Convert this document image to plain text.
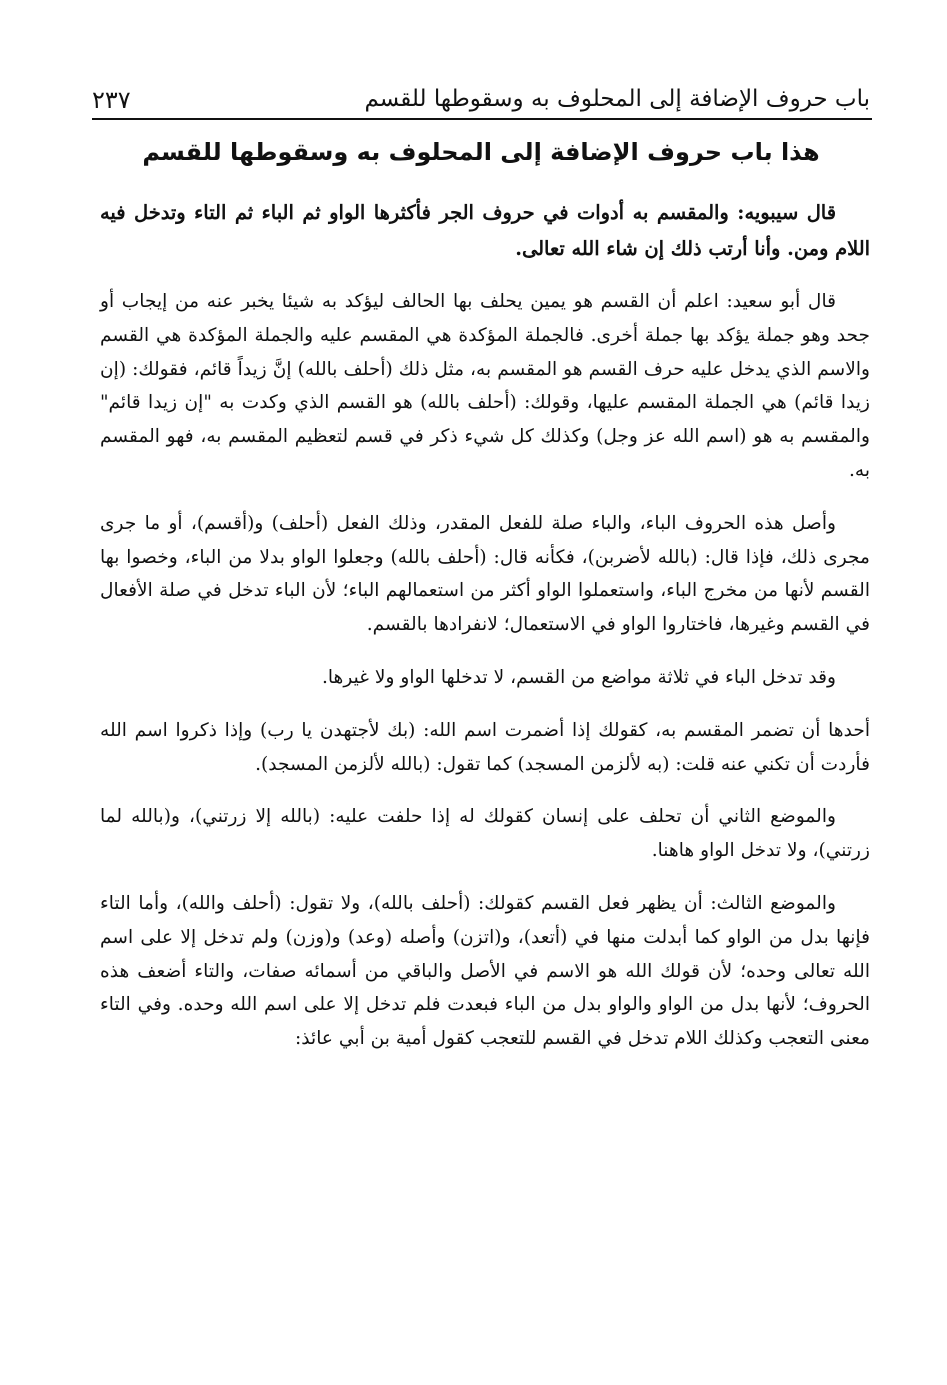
باب حروف الإضافة إلى المحلوف به وسقوطها للقسم
٢٣٧
هذا باب حروف الإضافة إلى المحلوف به وسقوطها للقسم

قال سيبويه: والمقسم به أدوات في حروف الجر فأكثرها الواو ثم الباء ثم التاء وتدخل فيه اللام ومن. وأنا أرتب ذلك إن شاء الله تعالى.

قال أبو سعيد: اعلم أن القسم هو يمين يحلف بها الحالف ليؤكد به شيئا يخبر عنه من إيجاب أو جحد وهو جملة يؤكد بها جملة أخرى. فالجملة المؤكدة هي المقسم عليه والجملة المؤكدة هي القسم والاسم الذي يدخل عليه حرف القسم هو المقسم به، مثل ذلك (أحلف بالله) إنَّ زيداً قائم، فقولك: (إن زيدا قائم) هي الجملة المقسم عليها، وقولك: (أحلف بالله) هو القسم الذي وكدت به "إن زيدا قائم" والمقسم به هو (اسم الله عز وجل) وكذلك كل شيء ذكر في قسم لتعظيم المقسم به، فهو المقسم به.

وأصل هذه الحروف الباء، والباء صلة للفعل المقدر، وذلك الفعل (أحلف) و(أقسم)، أو ما جرى مجرى ذلك، فإذا قال: (بالله لأضربن)، فكأنه قال: (أحلف بالله) وجعلوا الواو بدلا من الباء، وخصوا بها القسم لأنها من مخرج الباء، واستعملوا الواو أكثر من استعمالهم الباء؛ لأن الباء تدخل في صلة الأفعال في القسم وغيرها، فاختاروا الواو في الاستعمال؛ لانفرادها بالقسم.

وقد تدخل الباء في ثلاثة مواضع من القسم، لا تدخلها الواو ولا غيرها.

أحدها أن تضمر المقسم به، كقولك إذا أضمرت اسم الله: (بك لأجتهدن يا رب) وإذا ذكروا اسم الله فأردت أن تكني عنه قلت: (به لألزمن المسجد) كما تقول: (بالله لألزمن المسجد).

والموضع الثاني أن تحلف على إنسان كقولك له إذا حلفت عليه: (بالله إلا زرتني)، و(بالله لما زرتني)، ولا تدخل الواو هاهنا.

والموضع الثالث: أن يظهر فعل القسم كقولك: (أحلف بالله)، ولا تقول: (أحلف والله)، وأما التاء فإنها بدل من الواو كما أبدلت منها في (أتعد)، و(اتزن) وأصله (وعد) و(وزن) ولم تدخل إلا على اسم الله تعالى وحده؛ لأن قولك الله هو الاسم في الأصل والباقي من أسمائه صفات، والتاء أضعف هذه الحروف؛ لأنها بدل من الواو والواو بدل من الباء فبعدت فلم تدخل إلا على اسم الله وحده. وفي التاء معنى التعجب وكذلك اللام تدخل في القسم للتعجب كقول أمية بن أبي عائذ:
